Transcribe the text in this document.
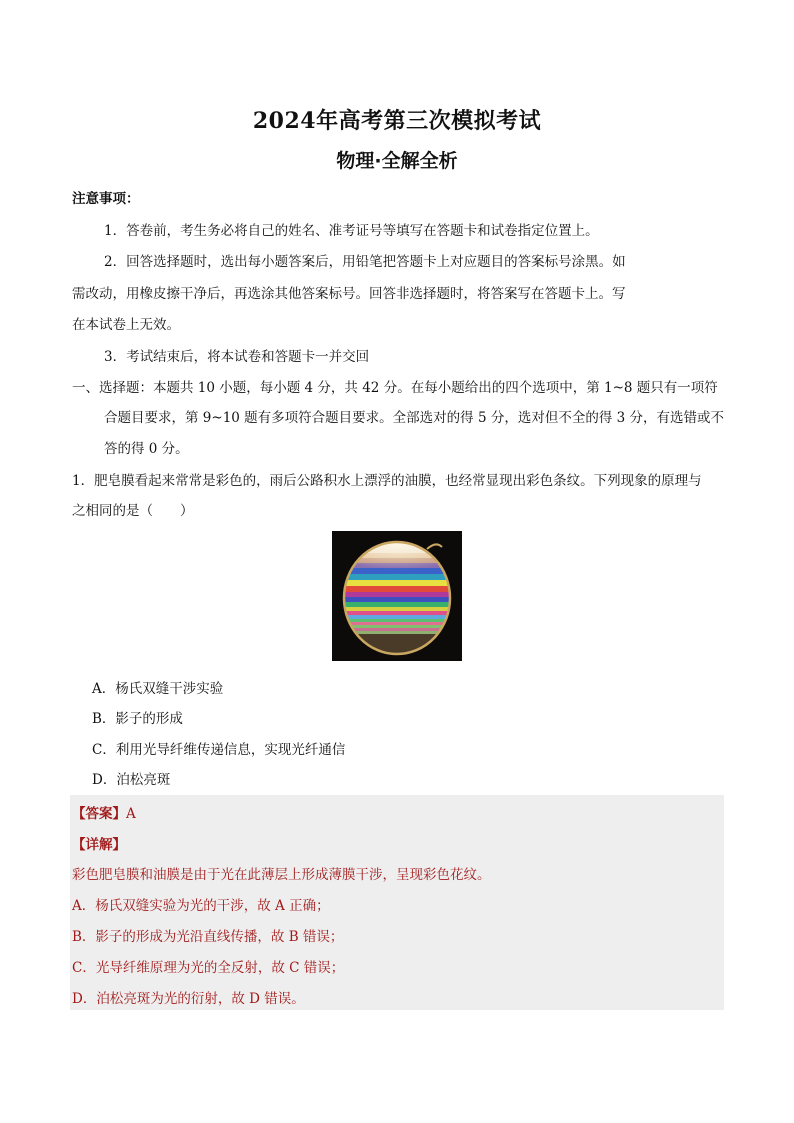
2024年高考第三次模拟考试
物理·全解全析
注意事项：
1．答卷前，考生务必将自己的姓名、准考证号等填写在答题卡和试卷指定位置上。
2．回答选择题时，选出每小题答案后，用铅笔把答题卡上对应题目的答案标号涂黑。如
需改动，用橡皮擦干净后，再选涂其他答案标号。回答非选择题时，将答案写在答题卡上。写
在本试卷上无效。
3．考试结束后，将本试卷和答题卡一并交回
一、选择题：本题共 10 小题，每小题 4 分，共 42 分。在每小题给出的四个选项中，第 1~8 题只有一项符
合题目要求，第 9~10 题有多项符合题目要求。全部选对的得 5 分，选对但不全的得 3 分，有选错或不
答的得 0 分。
1．肥皂膜看起来常常是彩色的，雨后公路积水上漂浮的油膜，也经常显现出彩色条纹。下列现象的原理与
之相同的是（　　）
A．杨氏双缝干涉实验
B．影子的形成
C．利用光导纤维传递信息，实现光纤通信
D．泊松亮斑
【答案】A
【详解】
彩色肥皂膜和油膜是由于光在此薄层上形成薄膜干涉，呈现彩色花纹。
A．杨氏双缝实验为光的干涉，故 A 正确；
B．影子的形成为光沿直线传播，故 B 错误；
C．光导纤维原理为光的全反射，故 C 错误；
D．泊松亮斑为光的衍射，故 D 错误。
